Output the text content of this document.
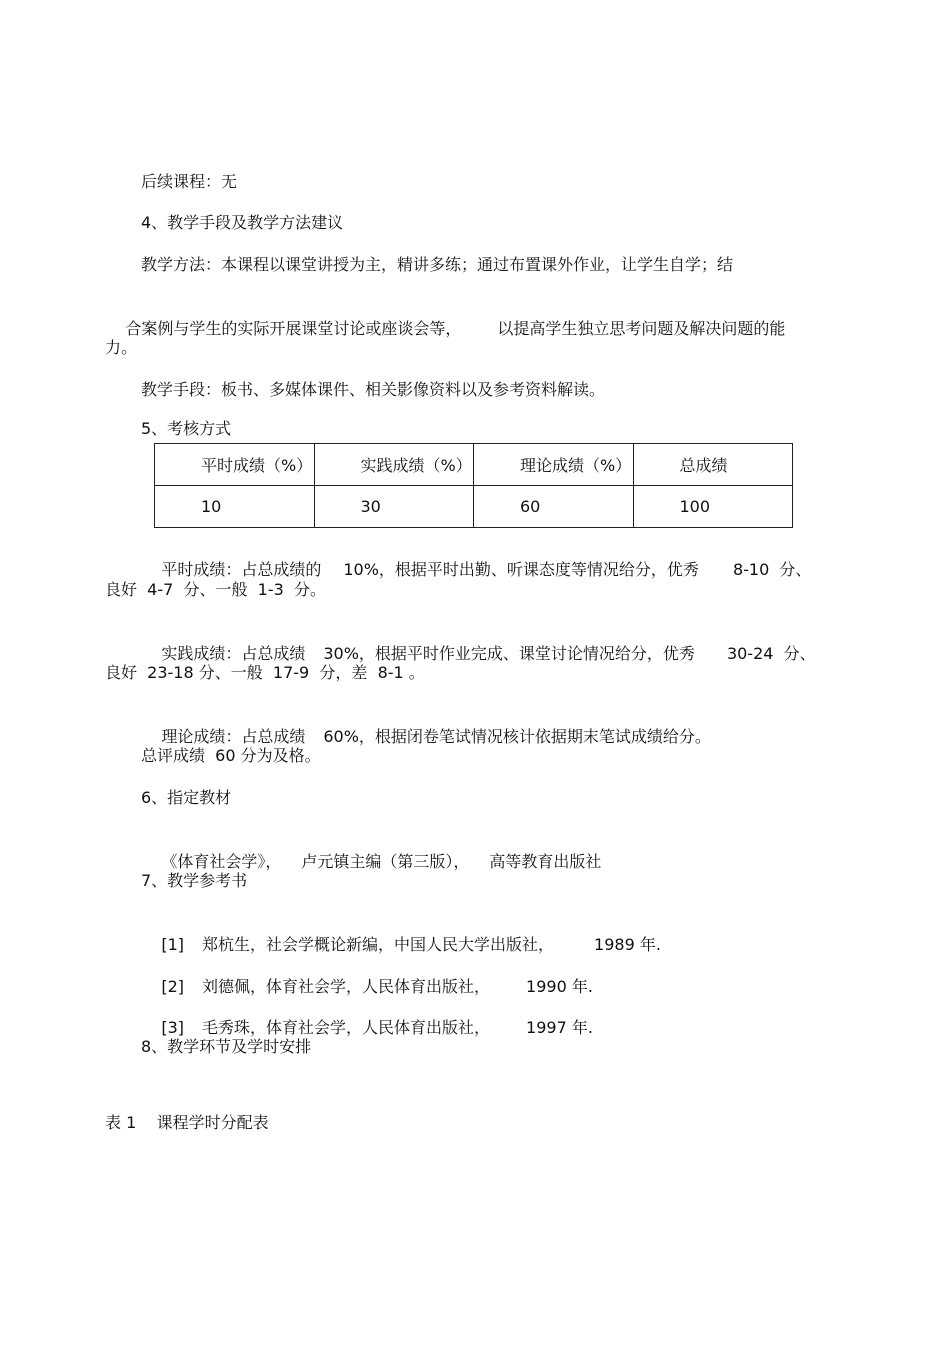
后续课程：无
4、教学手段及教学方法建议
教学方法：本课程以课堂讲授为主，精讲多练；通过布置课外作业，让学生自学；结

合案例与学生的实际开展课堂讨论或座谈会等， 以提高学生独立思考问题及解决问题的能

力。
教学手段：板书、多媒体课件、相关影像资料以及参考资料解读。
5、考核方式
平时成绩（%）	实践成绩（%）	理论成绩（%）	总成绩
10	30	60	100

平时成绩：占总成绩的 10%，根据平时出勤、听课态度等情况给分，优秀 8-10  分、

良好  4-7  分、一般  1-3  分。

实践成绩：占总成绩 30%，根据平时作业完成、课堂讨论情况给分，优秀 30-24  分、

良好  23-18 分、一般  17-9  分，差  8-1 。

理论成绩：占总成绩 60%，根据闭卷笔试情况核计依据期末笔试成绩给分。

总评成绩  60 分为及格。
6、指定教材

《体育社会学》， 卢元镇主编（第三版）， 高等教育出版社

7、教学参考书

[1] 郑杭生，社会学概论新编，中国人民大学出版社，	1989 年.

[2] 刘德佩，体育社会学，人民体育出版社， 1990 年.

[3] 毛秀珠，体育社会学，人民体育出版社， 1997 年.

8、教学环节及学时安排
表 1    课程学时分配表
